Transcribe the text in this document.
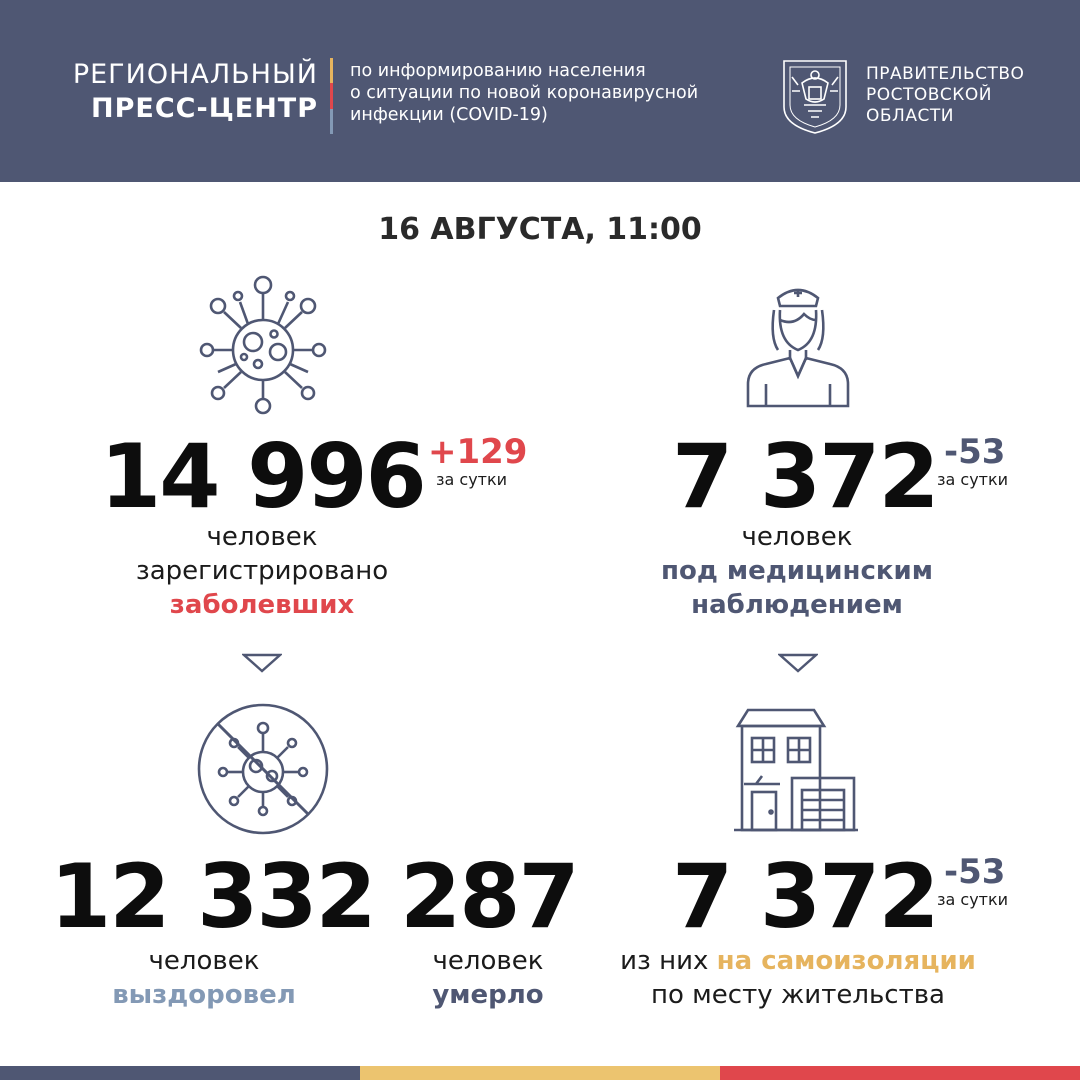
РЕГИОНАЛЬНЫЙ
ПРЕСС-ЦЕНТР
по информированию населения
о ситуации по новой коронавирусной
инфекции (COVID-19)
ПРАВИТЕЛЬСТВО
РОСТОВСКОЙ
ОБЛАСТИ
16 АВГУСТА, 11:00
14 996 +129
за сутки 7 372 -53
за сутки
человек
зарегистрировано
заболевших
человек
под медицинским
наблюдением
12 332 287 7 372 -53
за сутки
человек
выздоровел
человек
умерло
из них на самоизоляции
по месту жительства
